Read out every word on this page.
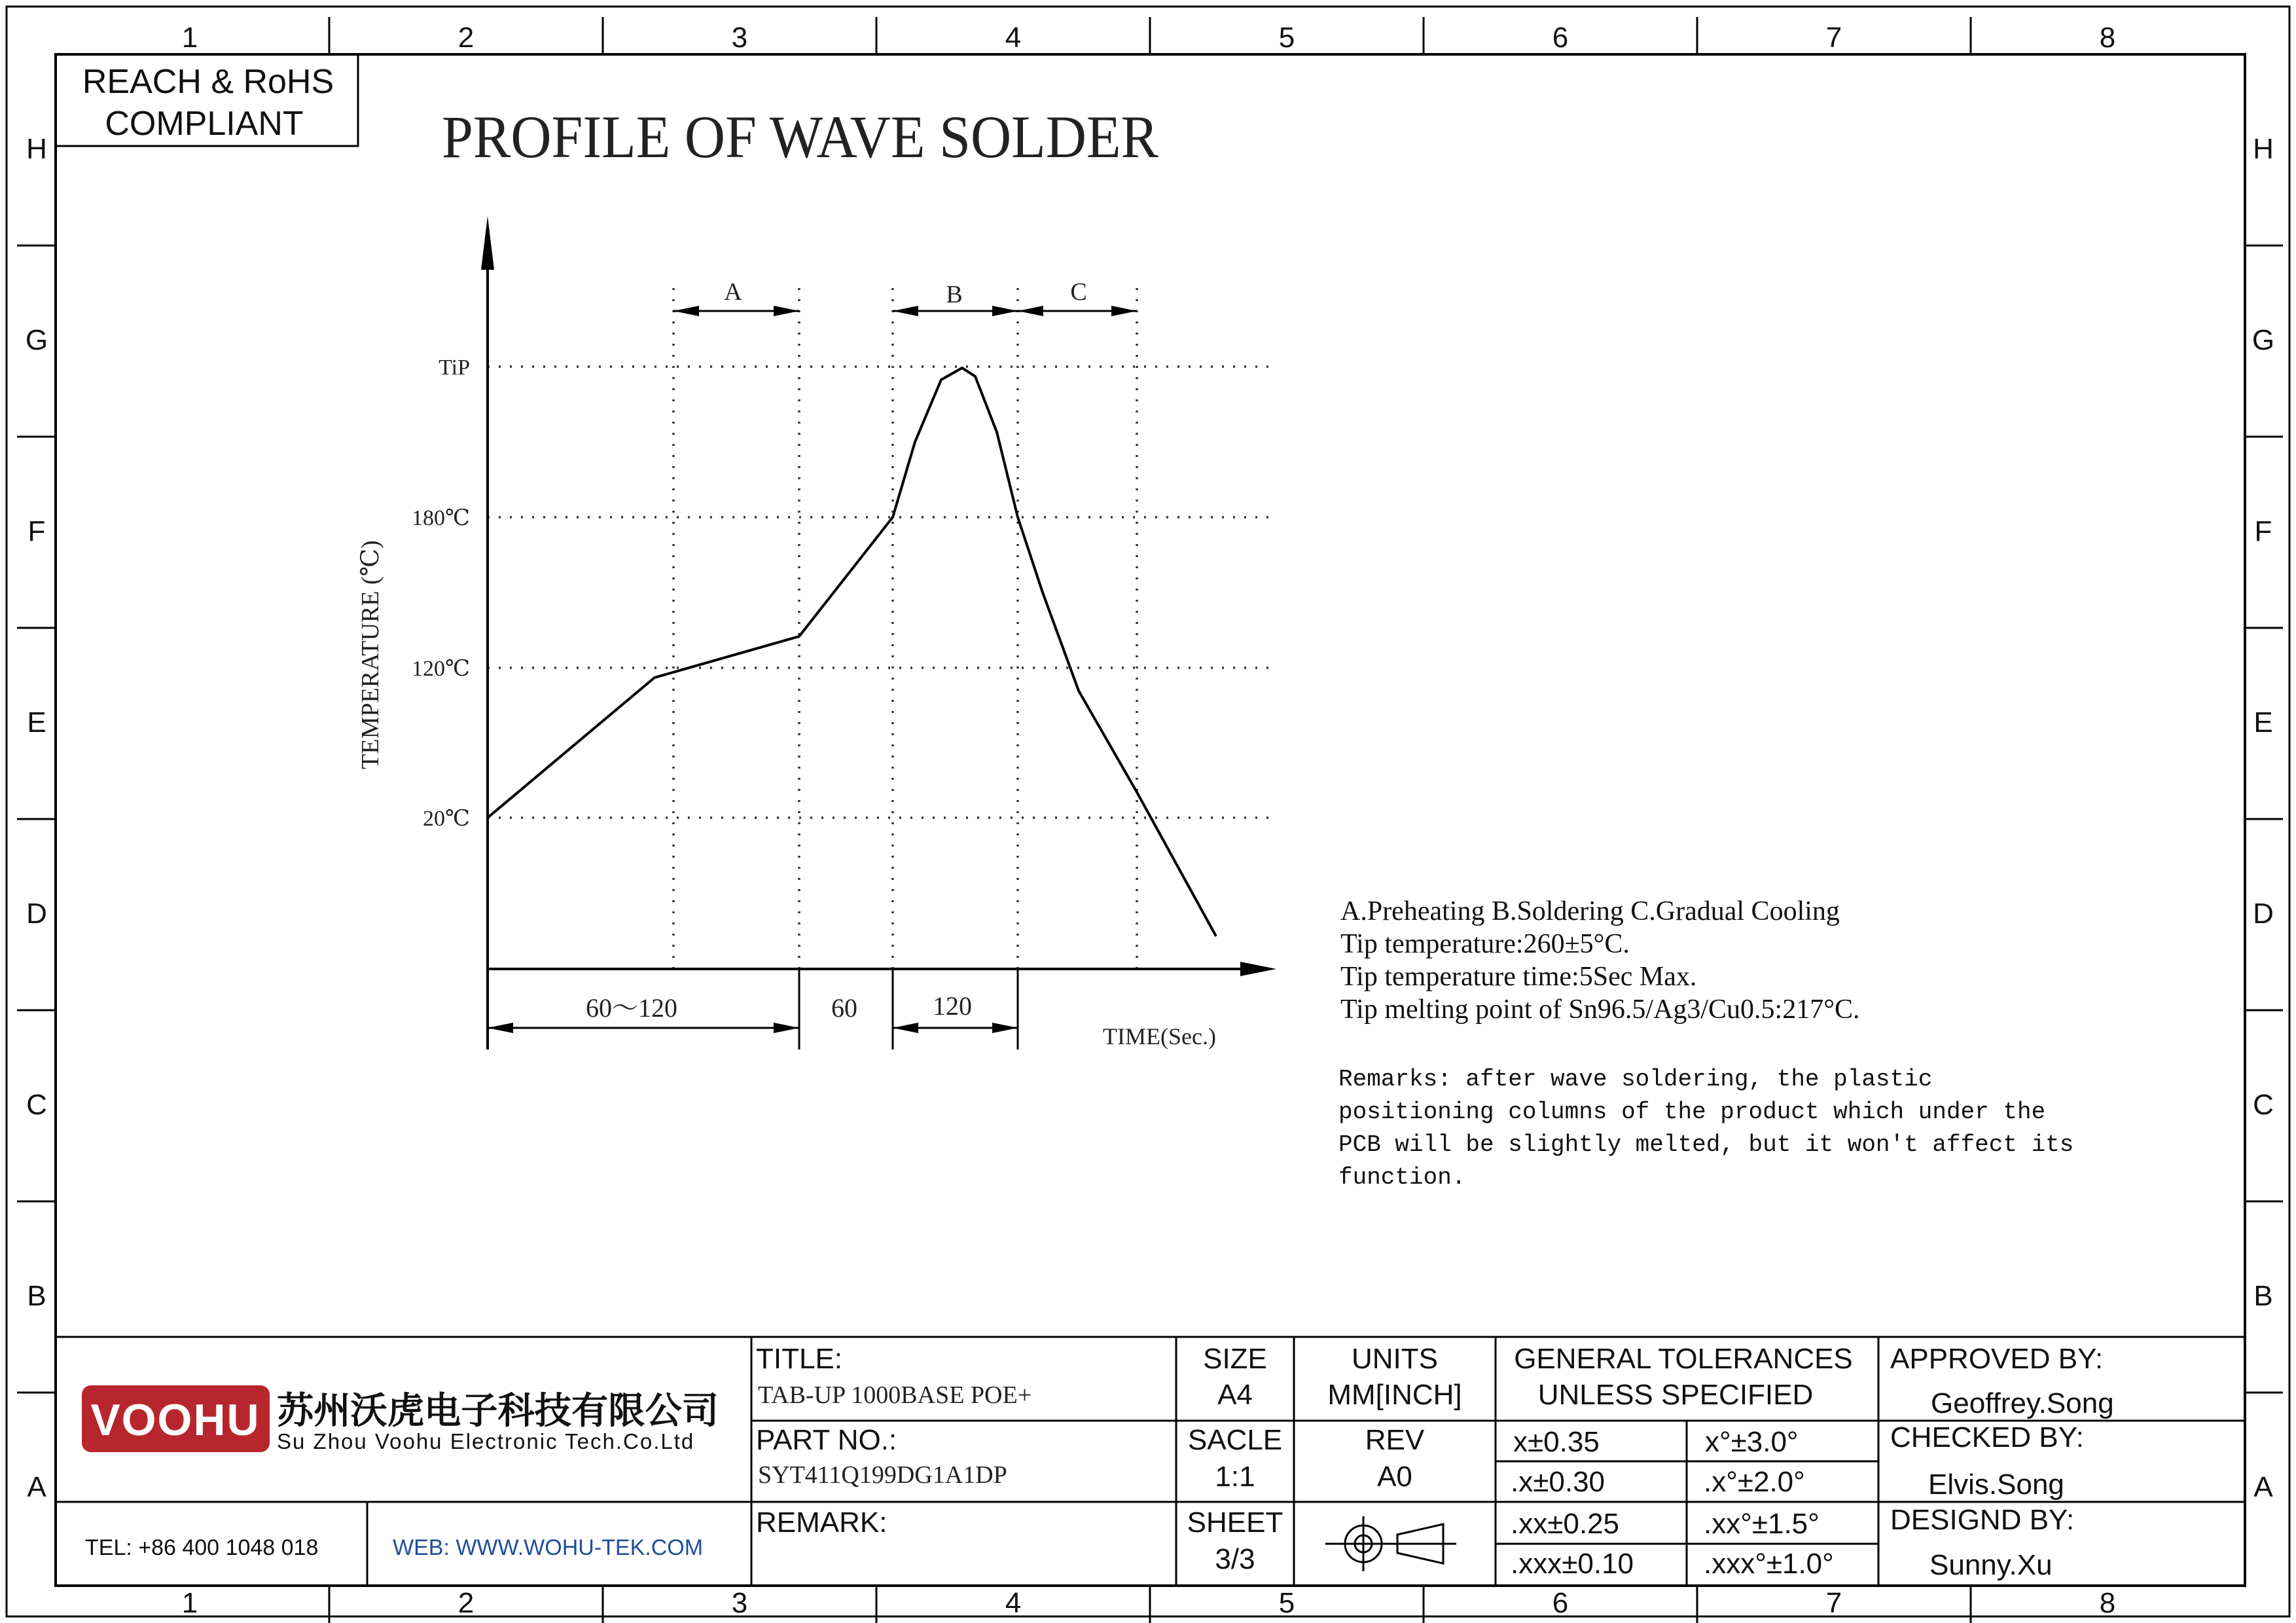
1	2	3	4	5	6	7	8
1	2	3	4	5	6	7	8
H
G
F
E
D
C
B
A
H
G
F
E
D
C
B
A
REACH & RoHS
COMPLIANT PROFILE OF WAVE SOLDER
TiP
180℃
120℃
20℃
TEMPERATURE (℃)
A	B	C
60～120	60	120
TIME(Sec.)
A.Preheating B.Soldering C.Gradual Cooling
Tip temperature:260±5°C.
Tip temperature time:5Sec Max.
Tip melting point of Sn96.5/Ag3/Cu0.5:217°C.
Remarks: after wave soldering, the plastic
positioning columns of the product which under the
PCB will be slightly melted, but it won't affect its
function.
VOOHU 苏州沃虎电子科技有限公司
Su Zhou Voohu Electronic Tech.Co.Ltd
TEL: +86 400 1048 018	WEB: WWW.WOHU-TEK.COM
TITLE:
TAB-UP 1000BASE POE+
PART NO.:
SYT411Q199DG1A1DP
REMARK:
SIZE
A4
SACLE
1:1
SHEET
3/3
UNITS
MM[INCH]
REV
A0
GENERAL TOLERANCES
UNLESS SPECIFIED
x±0.35	x°±3.0°
.x±0.30	.x°±2.0°
.xx±0.25	.xx°±1.5°
.xxx±0.10 .xxx°±1.0°
APPROVED BY:
Geoffrey.Song
CHECKED BY:
Elvis.Song
DESIGND BY:
Sunny.Xu
